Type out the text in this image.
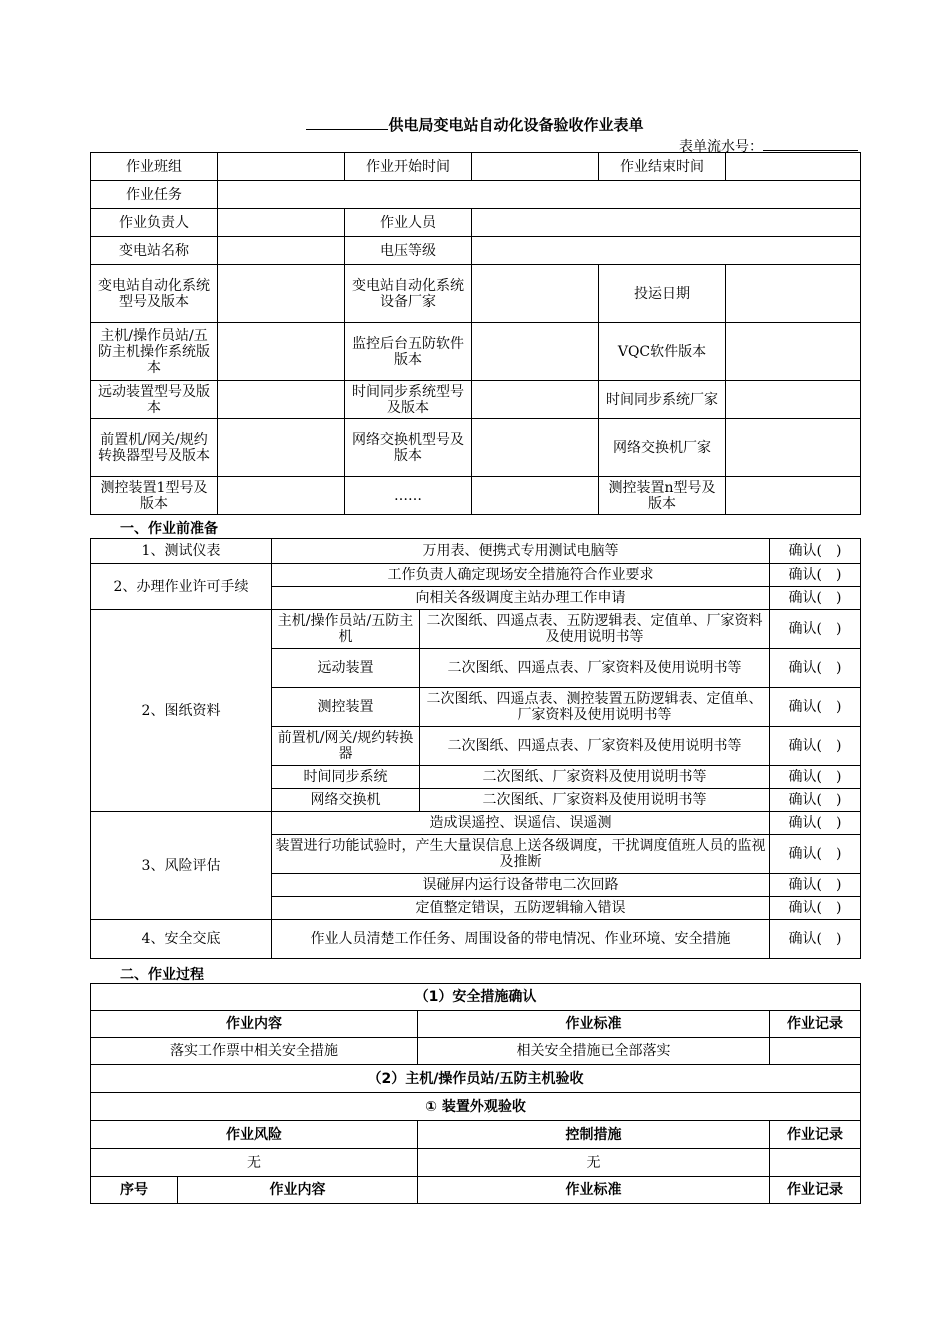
供电局变电站自动化设备验收作业表单
表单流水号：
作业班组		作业开始时间		作业结束时间	
作业任务					
作业负责人		作业人员			
变电站名称		电压等级			
变电站自动化系统型号及版本		变电站自动化系统设备厂家		投运日期	
主机/操作员站/五防主机操作系统版本		监控后台五防软件版本		VQC软件版本	
远动装置型号及版本		时间同步系统型号及版本		时间同步系统厂家	
前置机/网关/规约转换器型号及版本		网络交换机型号及版本		网络交换机厂家	
测控装置1型号及版本		……		测控装置n型号及版本	
一、作业前准备
1、测试仪表	万用表、便携式专用测试电脑等		确认(　)
2、办理作业许可手续	工作负责人确定现场安全措施符合作业要求		确认(　)
	向相关各级调度主站办理工作申请		确认(　)
2、图纸资料	主机/操作员站/五防主机	二次图纸、四遥点表、五防逻辑表、定值单、厂家资料及使用说明书等	确认(　)
	远动装置	二次图纸、四遥点表、厂家资料及使用说明书等	确认(　)
	测控装置	二次图纸、四遥点表、测控装置五防逻辑表、定值单、厂家资料及使用说明书等	确认(　)
	前置机/网关/规约转换器	二次图纸、四遥点表、厂家资料及使用说明书等	确认(　)
	时间同步系统	二次图纸、厂家资料及使用说明书等	确认(　)
	网络交换机	二次图纸、厂家资料及使用说明书等	确认(　)
3、风险评估	造成误遥控、误遥信、误遥测		确认(　)
	装置进行功能试验时，产生大量误信息上送各级调度，干扰调度值班人员的监视及推断		确认(　)
	误碰屏内运行设备带电二次回路		确认(　)
	定值整定错误，五防逻辑输入错误		确认(　)
4、安全交底	作业人员清楚工作任务、周围设备的带电情况、作业环境、安全措施		确认(　)
二、作业过程
（1）安全措施确认			
作业内容		作业标准	作业记录
落实工作票中相关安全措施		相关安全措施已全部落实	
（2）主机/操作员站/五防主机验收			
① 装置外观验收			
作业风险		控制措施	作业记录
无		无	
序号	作业内容	作业标准	作业记录
